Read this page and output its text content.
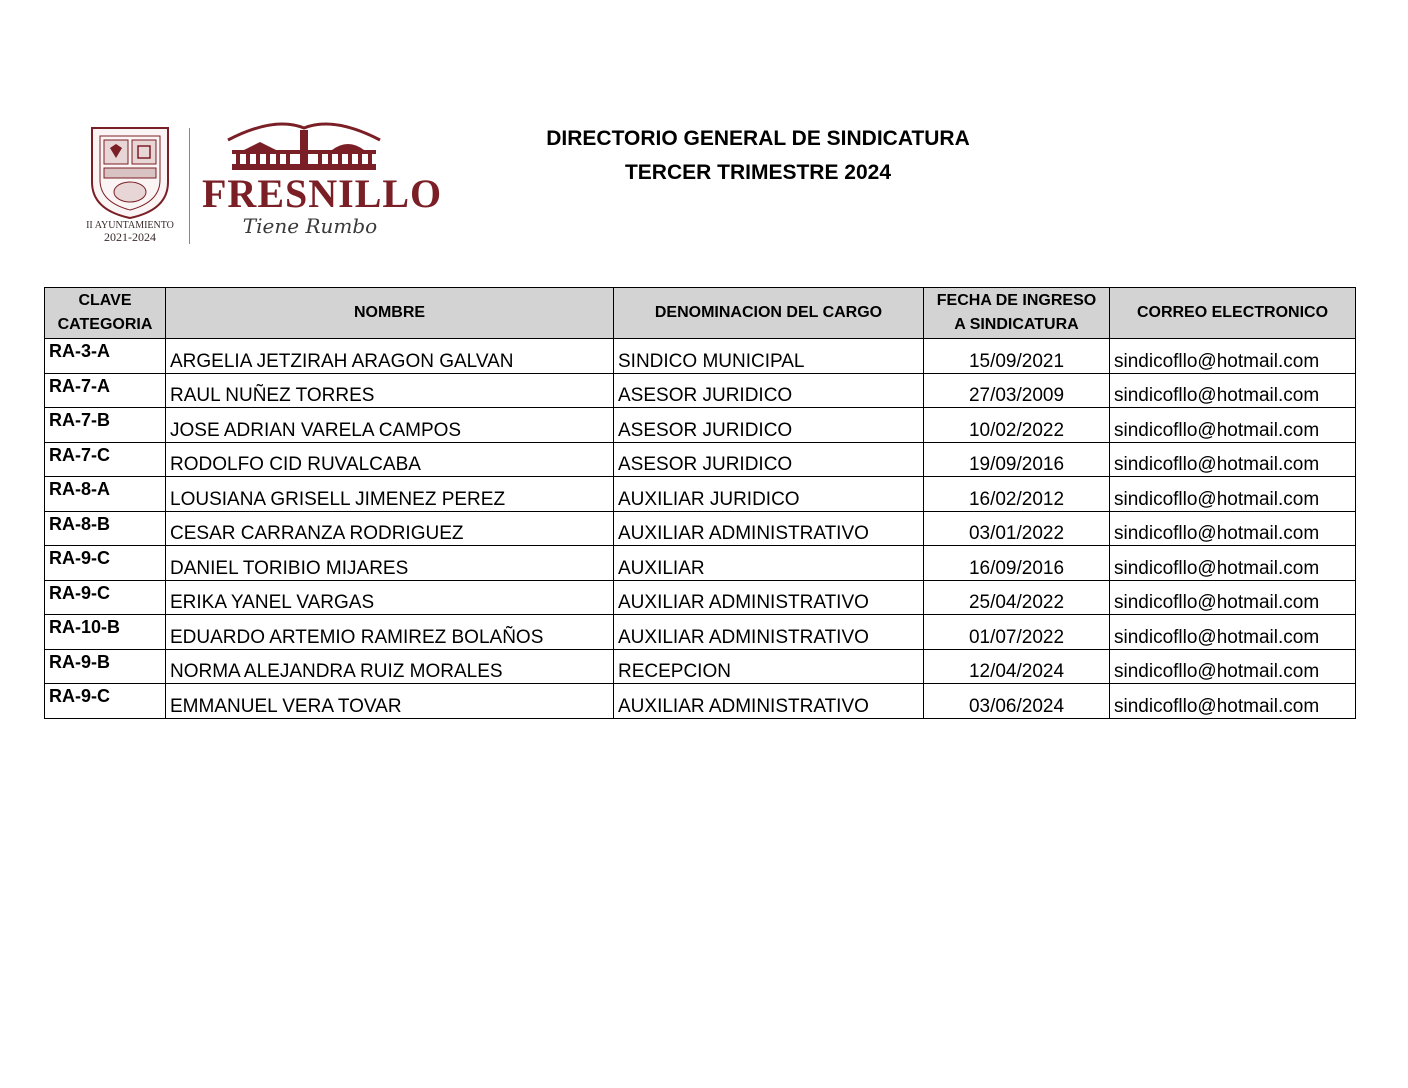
II AYUNTAMIENTO
2021-2024
FRESNILLO
Tiene Rumbo
DIRECTORIO GENERAL DE SINDICATURA
TERCER TRIMESTRE 2024
CLAVE
CATEGORIA	NOMBRE	DENOMINACION DEL CARGO	FECHA DE INGRESO
A SINDICATURA	CORREO ELECTRONICO
RA-3-A	ARGELIA JETZIRAH ARAGON GALVAN	SINDICO MUNICIPAL	15/09/2021	sindicofllo@hotmail.com
RA-7-A	RAUL NUÑEZ TORRES	ASESOR JURIDICO	27/03/2009	sindicofllo@hotmail.com
RA-7-B	JOSE ADRIAN VARELA CAMPOS	ASESOR JURIDICO	10/02/2022	sindicofllo@hotmail.com
RA-7-C	RODOLFO CID RUVALCABA	ASESOR JURIDICO	19/09/2016	sindicofllo@hotmail.com
RA-8-A	LOUSIANA GRISELL JIMENEZ PEREZ	AUXILIAR JURIDICO	16/02/2012	sindicofllo@hotmail.com
RA-8-B	CESAR CARRANZA RODRIGUEZ	AUXILIAR ADMINISTRATIVO	03/01/2022	sindicofllo@hotmail.com
RA-9-C	DANIEL TORIBIO MIJARES	AUXILIAR	16/09/2016	sindicofllo@hotmail.com
RA-9-C	ERIKA YANEL VARGAS	AUXILIAR ADMINISTRATIVO	25/04/2022	sindicofllo@hotmail.com
RA-10-B	EDUARDO ARTEMIO RAMIREZ BOLAÑOS	AUXILIAR ADMINISTRATIVO	01/07/2022	sindicofllo@hotmail.com
RA-9-B	NORMA ALEJANDRA RUIZ MORALES	RECEPCION	12/04/2024	sindicofllo@hotmail.com
RA-9-C	EMMANUEL VERA TOVAR	AUXILIAR ADMINISTRATIVO	03/06/2024	sindicofllo@hotmail.com
